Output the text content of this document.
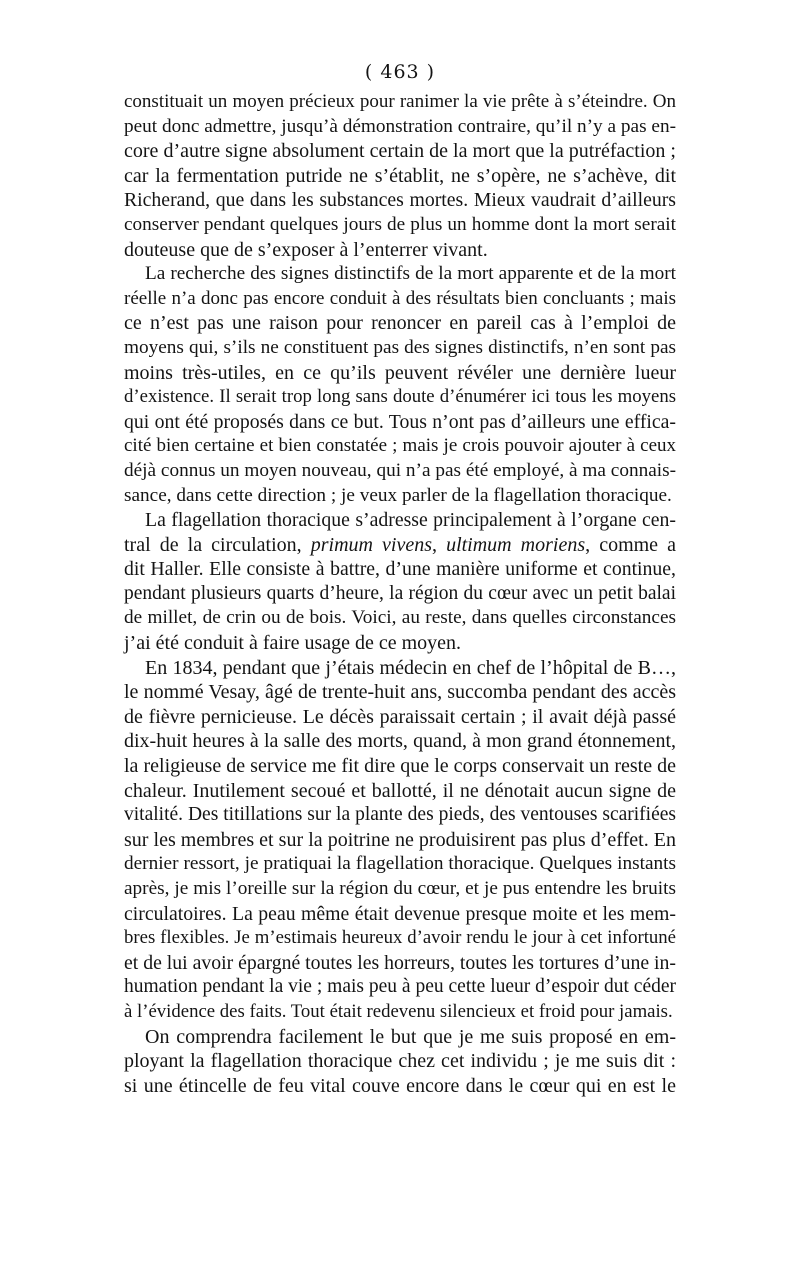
( 463 )
constituait un moyen précieux pour ranimer la vie prête à s’éteindre. On
peut donc admettre, jusqu’à démonstration contraire, qu’il n’y a pas en-
core d’autre signe absolument certain de la mort que la putréfaction ;
car la fermentation putride ne s’établit, ne s’opère, ne s’achève, dit
Richerand, que dans les substances mortes. Mieux vaudrait d’ailleurs
conserver pendant quelques jours de plus un homme dont la mort serait
douteuse que de s’exposer à l’enterrer vivant.
La recherche des signes distinctifs de la mort apparente et de la mort
réelle n’a donc pas encore conduit à des résultats bien concluants ; mais
ce n’est pas une raison pour renoncer en pareil cas à l’emploi de
moyens qui, s’ils ne constituent pas des signes distinctifs, n’en sont pas
moins très-utiles, en ce qu’ils peuvent révéler une dernière lueur
d’existence. Il serait trop long sans doute d’énumérer ici tous les moyens
qui ont été proposés dans ce but. Tous n’ont pas d’ailleurs une effica-
cité bien certaine et bien constatée ; mais je crois pouvoir ajouter à ceux
déjà connus un moyen nouveau, qui n’a pas été employé, à ma connais-
sance, dans cette direction ; je veux parler de la flagellation thoracique.
La flagellation thoracique s’adresse principalement à l’organe cen-
tral de la circulation, primum vivens, ultimum moriens, comme a
dit Haller. Elle consiste à battre, d’une manière uniforme et continue,
pendant plusieurs quarts d’heure, la région du cœur avec un petit balai
de millet, de crin ou de bois. Voici, au reste, dans quelles circonstances
j’ai été conduit à faire usage de ce moyen.
En 1834, pendant que j’étais médecin en chef de l’hôpital de B…,
le nommé Vesay, âgé de trente-huit ans, succomba pendant des accès
de fièvre pernicieuse. Le décès paraissait certain ; il avait déjà passé
dix-huit heures à la salle des morts, quand, à mon grand étonnement,
la religieuse de service me fit dire que le corps conservait un reste de
chaleur. Inutilement secoué et ballotté, il ne dénotait aucun signe de
vitalité. Des titillations sur la plante des pieds, des ventouses scarifiées
sur les membres et sur la poitrine ne produisirent pas plus d’effet. En
dernier ressort, je pratiquai la flagellation thoracique. Quelques instants
après, je mis l’oreille sur la région du cœur, et je pus entendre les bruits
circulatoires. La peau même était devenue presque moite et les mem-
bres flexibles. Je m’estimais heureux d’avoir rendu le jour à cet infortuné
et de lui avoir épargné toutes les horreurs, toutes les tortures d’une in-
humation pendant la vie ; mais peu à peu cette lueur d’espoir dut céder
à l’évidence des faits. Tout était redevenu silencieux et froid pour jamais.
On comprendra facilement le but que je me suis proposé en em-
ployant la flagellation thoracique chez cet individu ; je me suis dit :
si une étincelle de feu vital couve encore dans le cœur qui en est le
